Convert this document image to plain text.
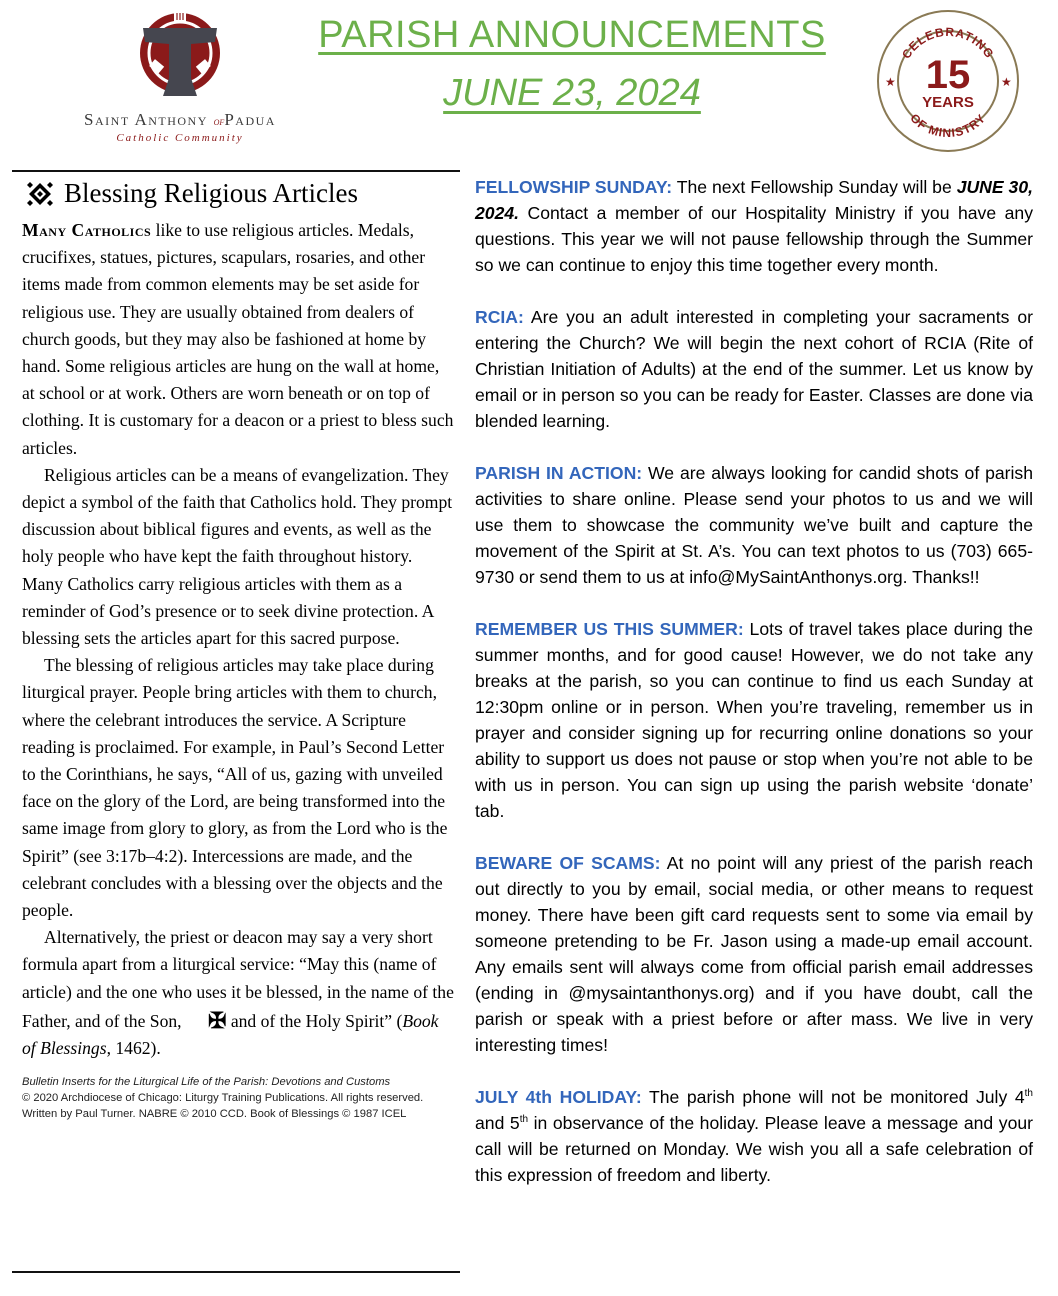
Saint Anthony ofPadua
Catholic Community
PARISH ANNOUNCEMENTS
JUNE 23, 2024
CELEBRATING
OF MINISTRY
15
YEARS
★	★
Blessing Religious Articles

Many Catholics like to use religious articles. Medals, crucifixes, statues, pictures, scapulars, rosaries, and other items made from common elements may be set aside for religious use. They are usually obtained from dealers of church goods, but they may also be fashioned at home by hand. Some religious articles are hung on the wall at home, at school or at work. Others are worn beneath or on top of clothing. It is customary for a deacon or a priest to bless such articles.

Religious articles can be a means of evangelization. They depict a symbol of the faith that Catholics hold. They prompt discussion about biblical figures and events, as well as the holy people who have kept the faith throughout history. Many Catholics carry religious articles with them as a reminder of God’s presence or to seek divine protection. A blessing sets the articles apart for this sacred purpose.

The blessing of religious articles may take place during liturgical prayer. People bring articles with them to church, where the celebrant introduces the service. A Scripture reading is proclaimed. For example, in Paul’s Second Letter to the Corinthians, he says, “All of us, gazing with unveiled face on the glory of the Lord, are being transformed into the same image from glory to glory, as from the Lord who is the Spirit” (see 3:17b–4:2). Intercessions are made, and the celebrant concludes with a blessing over the objects and the people.

Alternatively, the priest or deacon may say a very short formula apart from a liturgical service: “May this (name of article) and the one who uses it be blessed, in the name of the Father, and of the Son, ✠ and of the Holy Spirit” (Book of Blessings, 1462).

Bulletin Inserts for the Liturgical Life of the Parish: Devotions and Customs
© 2020 Archdiocese of Chicago: Liturgy Training Publications. All rights reserved. Written by Paul Turner. NABRE © 2010 CCD. Book of Blessings © 1987 ICEL

FELLOWSHIP SUNDAY: The next Fellowship Sunday will be JUNE 30, 2024. Contact a member of our Hospitality Ministry if you have any questions. This year we will not pause fellowship through the Summer so we can continue to enjoy this time together every month.

RCIA: Are you an adult interested in completing your sacraments or entering the Church? We will begin the next cohort of RCIA (Rite of Christian Initiation of Adults) at the end of the summer. Let us know by email or in person so you can be ready for Easter. Classes are done via blended learning.

PARISH IN ACTION: We are always looking for candid shots of parish activities to share online. Please send your photos to us and we will use them to showcase the community we’ve built and capture the movement of the Spirit at St. A’s. You can text photos to us (703) 665-9730 or send them to us at info@MySaintAnthonys.org. Thanks!!

REMEMBER US THIS SUMMER: Lots of travel takes place during the summer months, and for good cause! However, we do not take any breaks at the parish, so you can continue to find us each Sunday at 12:30pm online or in person. When you’re traveling, remember us in prayer and consider signing up for recurring online donations so your ability to support us does not pause or stop when you’re not able to be with us in person. You can sign up using the parish website ‘donate’ tab.

BEWARE OF SCAMS: At no point will any priest of the parish reach out directly to you by email, social media, or other means to request money. There have been gift card requests sent to some via email by someone pretending to be Fr. Jason using a made-up email account. Any emails sent will always come from official parish email addresses (ending in @mysaintanthonys.org) and if you have doubt, call the parish or speak with a priest before or after mass. We live in very interesting times!

JULY 4th HOLIDAY: The parish phone will not be monitored July 4th and 5th in observance of the holiday. Please leave a message and your call will be returned on Monday. We wish you all a safe celebration of this expression of freedom and liberty.
